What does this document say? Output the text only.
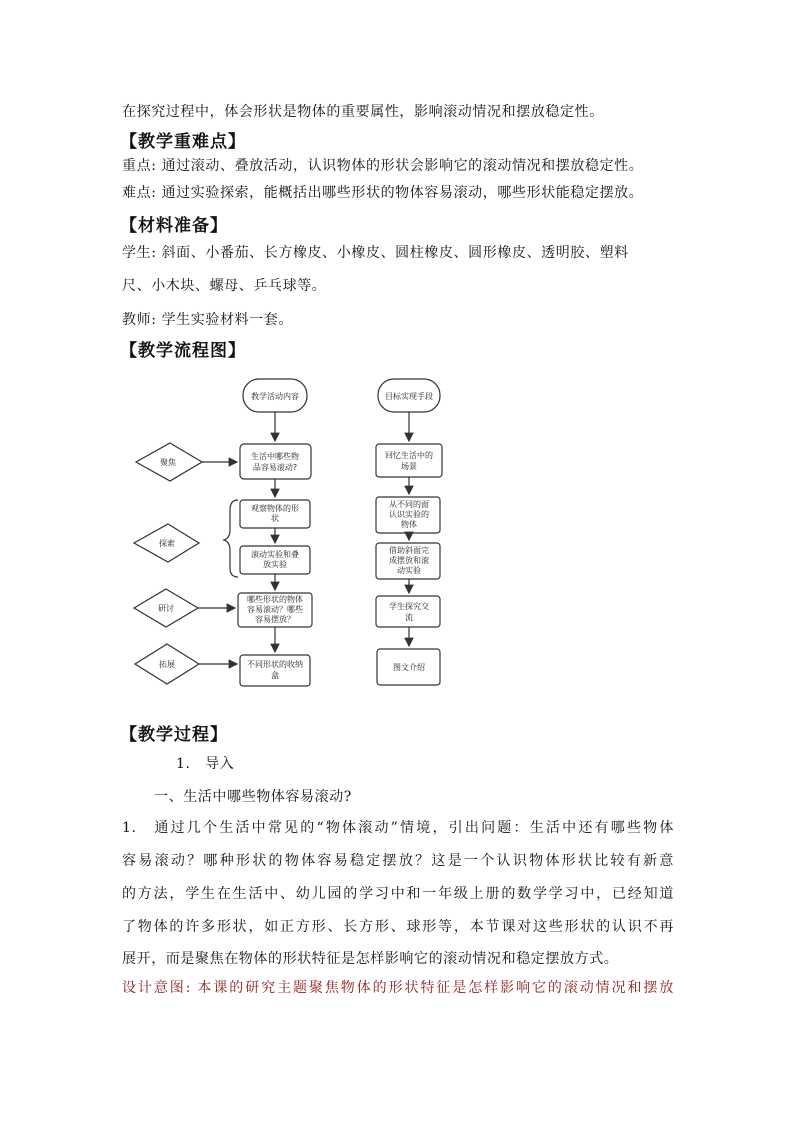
在探究过程中，体会形状是物体的重要属性，影响滚动情况和摆放稳定性。
【教学重难点】
重点: 通过滚动、叠放活动，认识物体的形状会影响它的滚动情况和摆放稳定性。
难点: 通过实验探索，能概括出哪些形状的物体容易滚动，哪些形状能稳定摆放。
【材料准备】
学生: 斜面、小番茄、长方橡皮、小橡皮、圆柱橡皮、圆形橡皮、透明胶、塑料
尺、小木块、螺母、乒乓球等。
教师: 学生实验材料一套。
【教学流程图】
教学活动内容	目标实现手段
生活中哪些物
品容易滚动?
观察物体的形
状
滚动实验和叠
放实验
哪些形状的物体
容易滚动？哪些
容易摆放？
不同形状的收纳
盒
回忆生活中的
场景
从不同的面
认识实验的
物体
借助斜面完
成摆放和滚
动实验
学生探究交
流
图文介绍
聚焦
探索
研讨
拓展
【教学过程】
1.　导入
一、生活中哪些物体容易滚动?
1.　通过几个生活中常见的“物体滚动”情境，引出问题：生活中还有哪些物体
容易滚动？哪种形状的物体容易稳定摆放？这是一个认识物体形状比较有新意
的方法，学生在生活中、幼儿园的学习中和一年级上册的数学学习中，已经知道
了物体的许多形状，如正方形、长方形、球形等，本节课对这些形状的认识不再
展开，而是聚焦在物体的形状特征是怎样影响它的滚动情况和稳定摆放方式。
设计意图: 本课的研究主题聚焦物体的形状特征是怎样影响它的滚动情况和摆放
